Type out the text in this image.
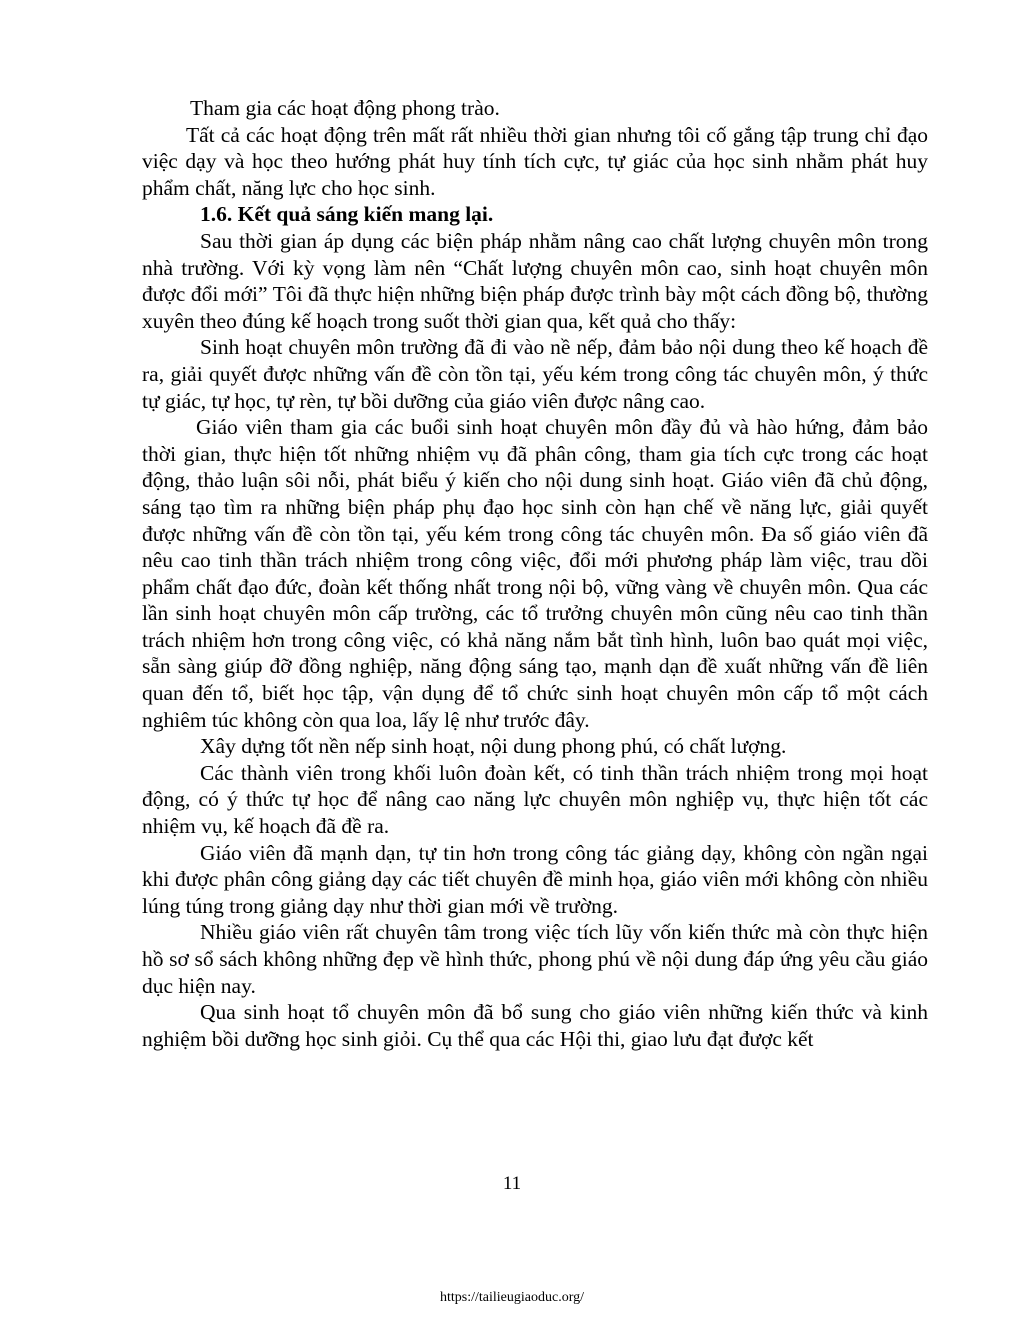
Tham gia các hoạt động phong trào.

Tất cả các hoạt động trên mất rất nhiều thời gian nhưng tôi cố gắng tập trung chỉ đạo việc dạy và học theo hướng phát huy tính tích cực, tự giác của học sinh nhằm phát huy phẩm chất, năng lực cho học sinh.

1.6. Kết quả sáng kiến mang lại.

Sau thời gian áp dụng các biện pháp nhằm nâng cao chất lượng chuyên môn trong nhà trường. Với kỳ vọng làm nên “Chất lượng chuyên môn cao, sinh hoạt chuyên môn được đổi mới” Tôi đã thực hiện những biện pháp được trình bày một cách đồng bộ, thường xuyên theo đúng kế hoạch trong suốt thời gian qua, kết quả cho thấy:

Sinh hoạt chuyên môn trường đã đi vào nề nếp, đảm bảo nội dung theo kế hoạch đề ra, giải quyết được những vấn đề còn tồn tại, yếu kém trong công tác chuyên môn, ý thức tự giác, tự học, tự rèn, tự bồi dưỡng của giáo viên được nâng cao.

Giáo viên tham gia các buổi sinh hoạt chuyên môn đầy đủ và hào hứng, đảm bảo thời gian, thực hiện tốt những nhiệm vụ đã phân công, tham gia tích cực trong các hoạt động, thảo luận sôi nỗi, phát biểu ý kiến cho nội dung sinh hoạt. Giáo viên đã chủ động, sáng tạo tìm ra những biện pháp phụ đạo học sinh còn hạn chế về năng lực, giải quyết được những vấn đề còn tồn tại, yếu kém trong công tác chuyên môn. Đa số giáo viên đã nêu cao tinh thần trách nhiệm trong công việc, đổi mới phương pháp làm việc, trau dồi phẩm chất đạo đức, đoàn kết thống nhất trong nội bộ, vững vàng về chuyên môn. Qua các lần sinh hoạt chuyên môn cấp trường, các tổ trưởng chuyên môn cũng nêu cao tinh thần trách nhiệm hơn trong công việc, có khả năng nắm bắt tình hình, luôn bao quát mọi việc, sẵn sàng giúp đỡ đồng nghiệp, năng động sáng tạo, mạnh dạn đề xuất những vấn đề liên quan đến tổ, biết học tập, vận dụng để tổ chức sinh hoạt chuyên môn cấp tổ một cách nghiêm túc không còn qua loa, lấy lệ như trước đây.

Xây dựng tốt nền nếp sinh hoạt, nội dung phong phú, có chất lượng.

Các thành viên trong khối luôn đoàn kết, có tinh thần trách nhiệm trong mọi hoạt động, có ý thức tự học để nâng cao năng lực chuyên môn nghiệp vụ, thực hiện tốt các nhiệm vụ, kế hoạch đã đề ra.

Giáo viên đã mạnh dạn, tự tin hơn trong công tác giảng dạy, không còn ngần ngại khi được phân công giảng dạy các tiết chuyên đề minh họa, giáo viên mới không còn nhiều lúng túng trong giảng dạy như thời gian mới về trường.

Nhiều giáo viên rất chuyên tâm trong việc tích lũy vốn kiến thức mà còn thực hiện hồ sơ sổ sách không những đẹp về hình thức, phong phú về nội dung đáp ứng yêu cầu giáo dục hiện nay.

Qua sinh hoạt tổ chuyên môn đã bổ sung cho giáo viên những kiến thức và kinh nghiệm bồi dưỡng học sinh giỏi. Cụ thể qua các Hội thi, giao lưu đạt được kết

11
https://tailieugiaoduc.org/
